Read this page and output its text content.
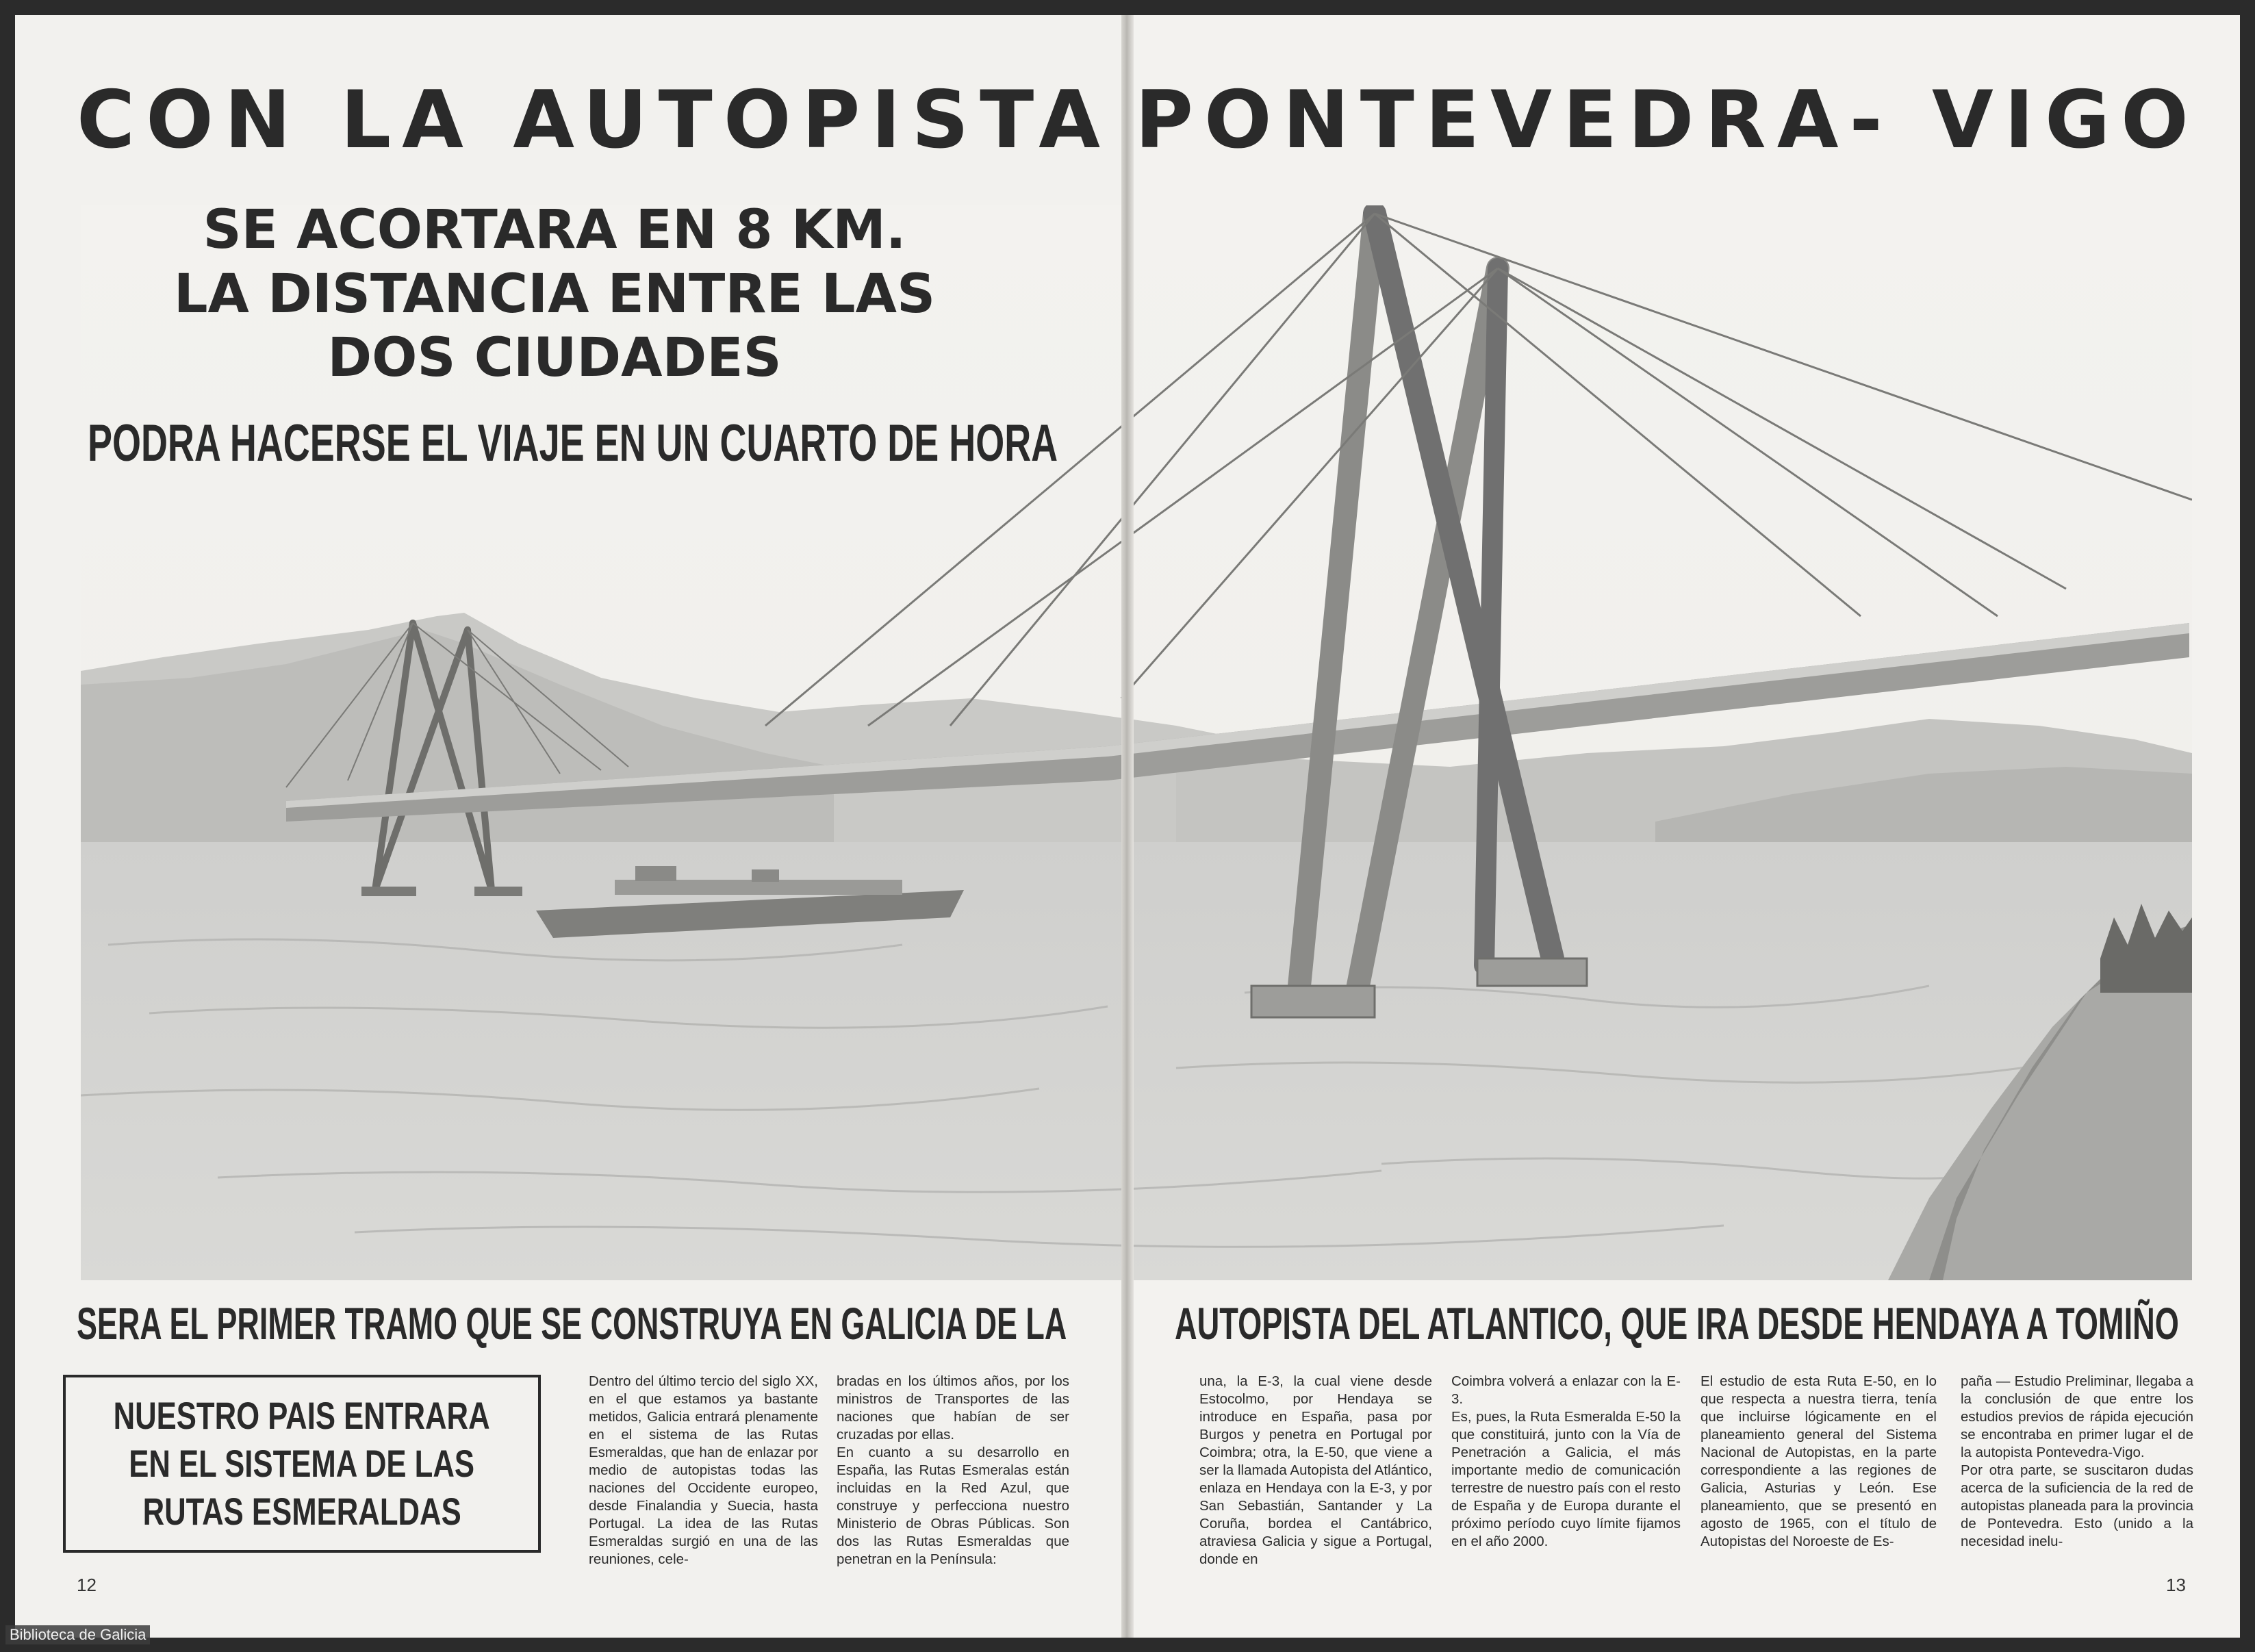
CON LA AUTOPISTA PONTEVEDRA- VIGO
SE ACORTARA EN 8 KM.
LA DISTANCIA ENTRE LAS
DOS CIUDADES
PODRA HACERSE EL VIAJE EN UN CUARTO DE HORA
SERA EL PRIMER TRAMO QUE SE CONSTRUYA EN GALICIA DE LA AUTOPISTA DEL ATLANTICO, QUE IRA DESDE HENDAYA A TOMIÑO
NUESTRO PAIS ENTRARA
EN EL SISTEMA DE LAS
RUTAS ESMERALDAS
Dentro del último tercio del siglo XX, en el que estamos ya bastante metidos, Galicia entrará plenamente en el sistema de las Rutas Esmeraldas, que han de enlazar por medio de autopistas todas las naciones del Occidente europeo, desde Finalandia y Suecia, hasta Portugal. La idea de las Rutas Esmeraldas surgió en una de las reuniones, cele-
bradas en los últimos años, por los ministros de Transportes de las naciones que habían de ser cruzadas por ellas.
En cuanto a su desarrollo en España, las Rutas Esmeralas están incluidas en la Red Azul, que construye y perfecciona nuestro Ministerio de Obras Públicas. Son dos las Rutas Esmeraldas que penetran en la Península:
una, la E-3, la cual viene desde Estocolmo, por Hendaya se introduce en España, pasa por Burgos y penetra en Portugal por Coimbra; otra, la E-50, que viene a ser la llamada Autopista del Atlántico, enlaza en Hendaya con la E-3, y por San Sebastián, Santander y La Coruña, bordea el Cantábrico, atraviesa Galicia y sigue a Portugal, donde en
Coimbra volverá a enlazar con la E-3.
Es, pues, la Ruta Esmeralda E-50 la que constituirá, junto con la Vía de Penetración a Galicia, el más importante medio de comunicación terrestre de nuestro país con el resto de España y de Europa durante el próximo período cuyo límite fijamos en el año 2000.
El estudio de esta Ruta E-50, en lo que respecta a nuestra tierra, tenía que incluirse lógicamente en el planeamiento general del Sistema Nacional de Autopistas, en la parte correspondiente a las regiones de Galicia, Asturias y León. Ese planeamiento, que se presentó en agosto de 1965, con el título de Autopistas del Noroeste de Es-
paña — Estudio Preliminar, llegaba a la conclusión de que entre los estudios previos de rápida ejecución se encontraba en primer lugar el de la autopista Pontevedra-Vigo.
Por otra parte, se suscitaron dudas acerca de la suficiencia de la red de autopistas planeada para la provincia de Pontevedra. Esto (unido a la necesidad inelu-
12	13
Biblioteca de Galicia
